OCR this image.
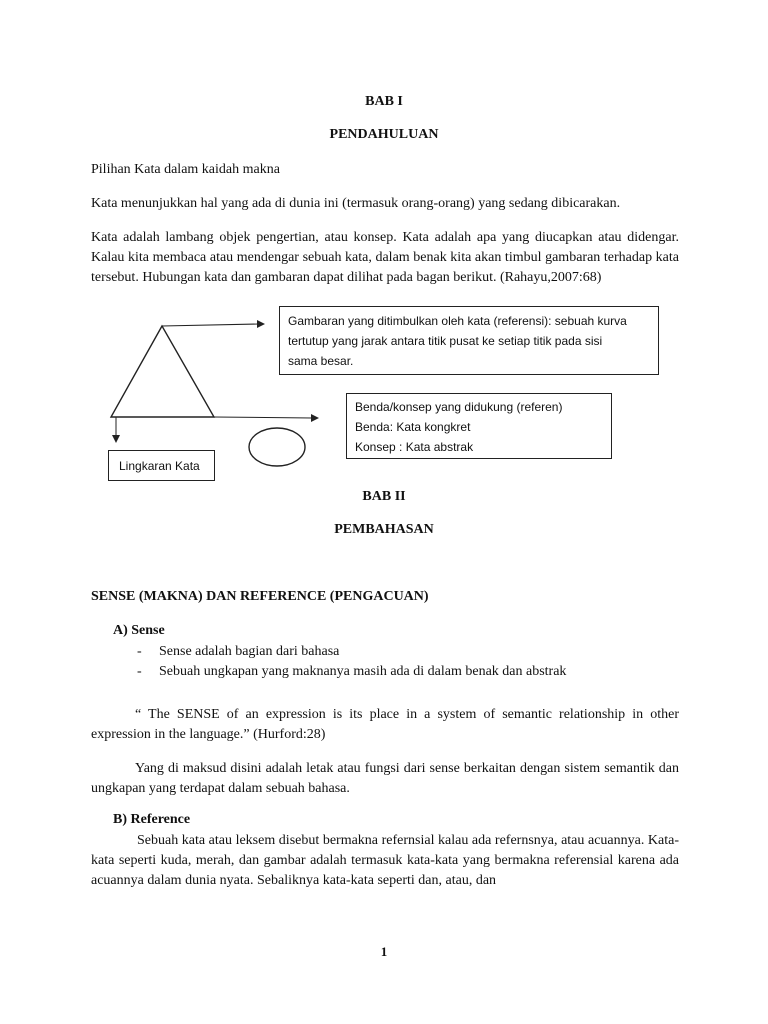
BAB I
PENDAHULUAN
Pilihan Kata dalam kaidah makna
Kata menunjukkan hal yang ada di dunia ini (termasuk orang-orang) yang sedang dibicarakan.
Kata adalah lambang objek pengertian, atau konsep. Kata adalah apa yang diucapkan atau didengar. Kalau kita membaca atau mendengar sebuah kata, dalam benak kita akan timbul gambaran terhadap kata tersebut. Hubungan kata dan gambaran dapat dilihat pada bagan berikut. (Rahayu,2007:68)
Gambaran yang ditimbulkan oleh kata (referensi): sebuah kurva
tertutup yang jarak antara titik pusat ke setiap titik pada sisi
sama besar.
Benda/konsep yang didukung (referen)
Benda: Kata kongkret
Konsep : Kata abstrak
Lingkaran Kata
BAB II
PEMBAHASAN
SENSE (MAKNA) DAN REFERENCE (PENGACUAN)
A) Sense
- Sense adalah bagian dari bahasa
- Sebuah ungkapan yang maknanya masih ada di dalam benak dan abstrak
“ The SENSE of an expression is its place in a system of semantic relationship in other expression in the language.” (Hurford:28)
Yang di maksud disini adalah letak atau fungsi dari sense berkaitan dengan sistem semantik dan ungkapan yang terdapat dalam sebuah bahasa.
B) Reference
Sebuah kata atau leksem disebut bermakna refernsial kalau ada refernsnya, atau acuannya. Kata-kata seperti kuda, merah, dan gambar adalah termasuk kata-kata yang bermakna referensial karena ada acuannya dalam dunia nyata. Sebaliknya kata-kata seperti dan, atau, dan
1
